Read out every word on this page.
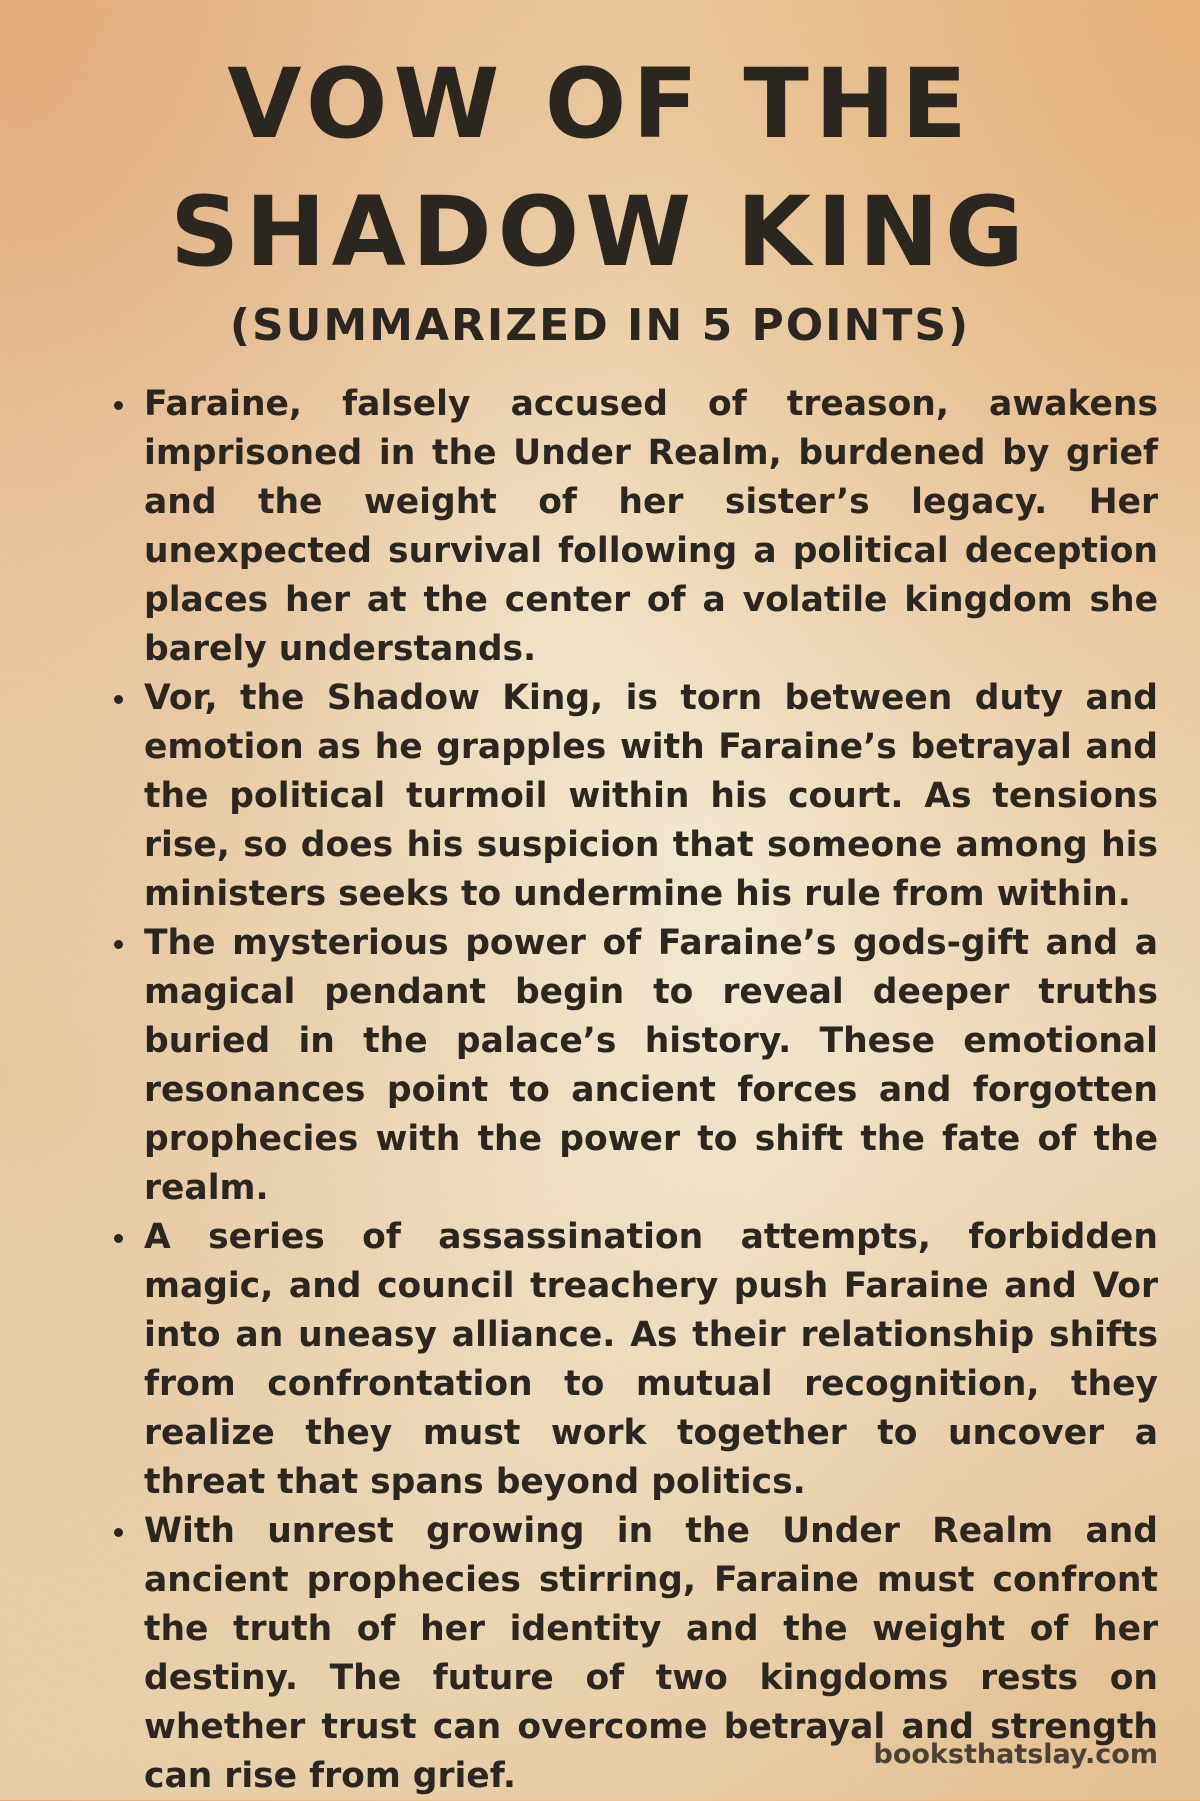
VOW OF THE
SHADOW KING
(SUMMARIZED IN 5 POINTS)
Faraine, falsely accused of treason, awakens imprisoned in the Under Realm, burdened by grief and the weight of her sister’s legacy. Her unexpected survival following a political deception places her at the center of a volatile kingdom she barely understands.
Vor, the Shadow King, is torn between duty and emotion as he grapples with Faraine’s betrayal and the political turmoil within his court. As tensions rise, so does his suspicion that someone among his ministers seeks to undermine his rule from within.
The mysterious power of Faraine’s gods-gift and a magical pendant begin to reveal deeper truths buried in the palace’s history. These emotional resonances point to ancient forces and forgotten prophecies with the power to shift the fate of the realm.
A series of assassination attempts, forbidden magic, and council treachery push Faraine and Vor into an uneasy alliance. As their relationship shifts from confrontation to mutual recognition, they realize they must work together to uncover a threat that spans beyond politics.
With unrest growing in the Under Realm and ancient prophecies stirring, Faraine must confront the truth of her identity and the weight of her destiny. The future of two kingdoms rests on whether trust can overcome betrayal and strength can rise from grief.
booksthatslay.com
